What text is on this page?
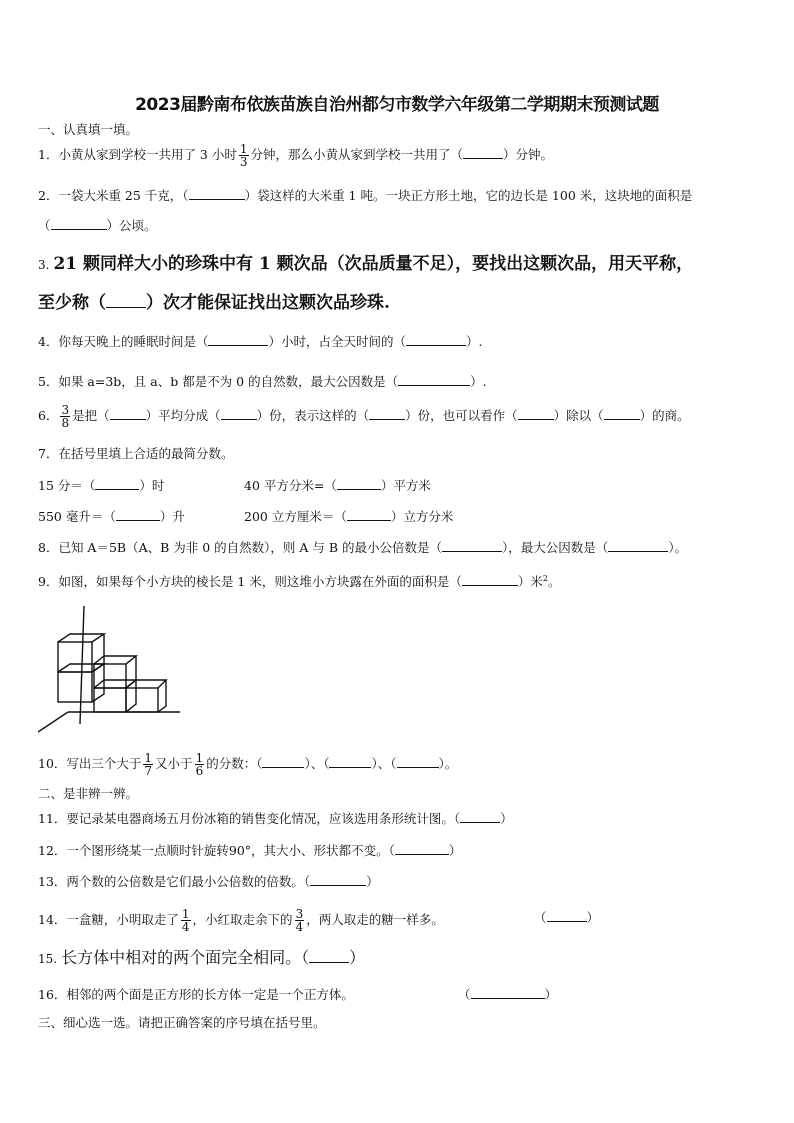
2023届黔南布依族苗族自治州都匀市数学六年级第二学期期末预测试题
一、认真填一填。
1．小黄从家到学校一共用了 3 小时 $\frac{1}{3}$ 分钟，那么小黄从家到学校一共用了（	）分钟。
2．一袋大米重 25 千克，（	）袋这样的大米重 1 吨。一块正方形土地，它的边长是 100 米，这块地的面积是
（	）公顷。
3. 21 颗同样大小的珍珠中有 1 颗次品（次品质量不足），要找出这颗次品，用天平称，
至少称（ ）次才能保证找出这颗次品珍珠.
4．你每天晚上的睡眠时间是（	）小时，占全天时间的（	）.
5．如果 a=3b，且 a、b 都是不为 0 的自然数，最大公因数是（	）.
6． $\frac{3}{8}$ 是把（	）平均分成（	）份，表示这样的（	）份，也可以看作（	）除以（	）的商。
7．在括号里填上合适的最简分数。
15 分＝（	）时	40 平方分米=（	）平方米
550 毫升＝（	）升	200 立方厘米＝（	）立方分米
8．已知 A＝5B（A、B 为非 0 的自然数），则 A 与 B 的最小公倍数是（	），最大公因数是（	）。
9．如图，如果每个小方块的棱长是 1 米，则这堆小方块露在外面的面积是（	）米$^2$。
10．写出三个大于 $\frac{1}{7}$ 又小于 $\frac{1}{6}$ 的分数：（	）、（	）、（	）。
二、是非辨一辨。
11．要记录某电器商场五月份冰箱的销售变化情况，应该选用条形统计图。（	）
12．一个图形绕某一点顺时针旋转90°，其大小、形状都不变。（	）
13．两个数的公倍数是它们最小公倍数的倍数。（	）
14．一盒糖，小明取走了 $\frac{1}{4}$ ，小红取走余下的 $\frac{3}{4}$ ，两人取走的糖一样多。	（	）
15. 长方体中相对的两个面完全相同。（	）
16．相邻的两个面是正方形的长方体一定是一个正方体。	（	）
三、细心选一选。请把正确答案的序号填在括号里。
